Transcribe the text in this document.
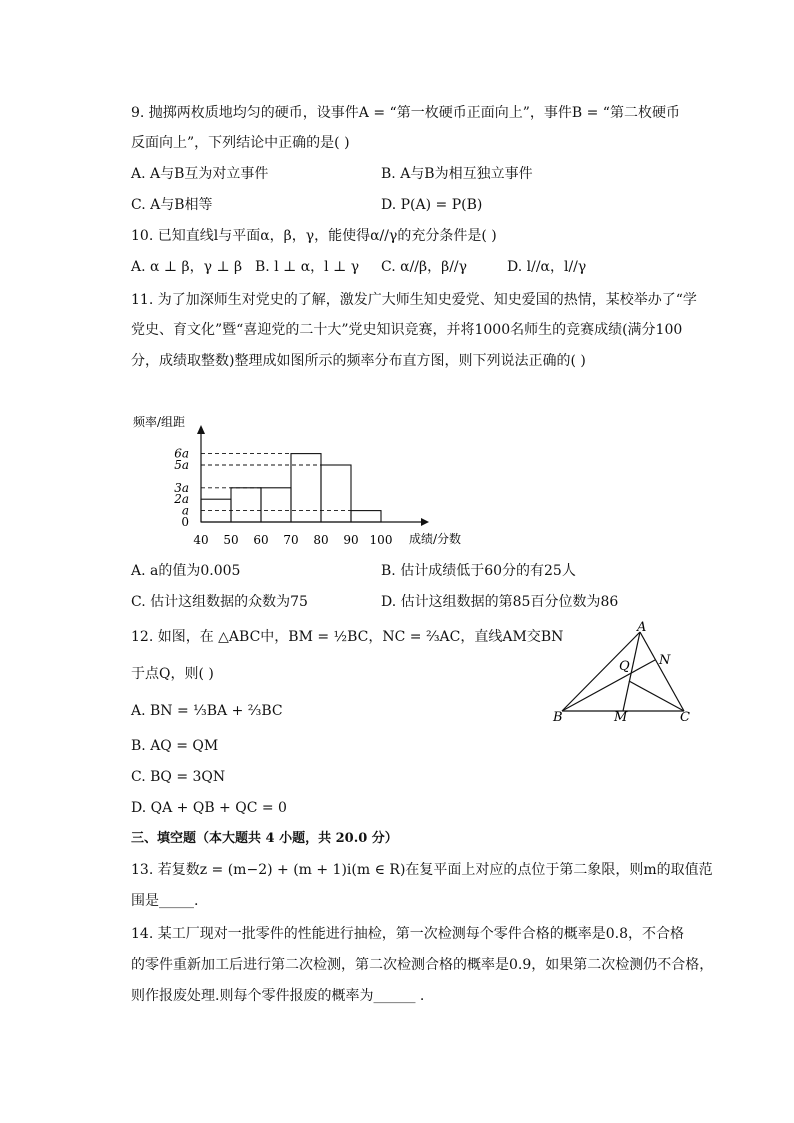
9. 抛掷两枚质地均匀的硬币，设事件A = “第一枚硬币正面向上”，事件B = “第二枚硬币
反面向上”，下列结论中正确的是( )
A. A与B互为对立事件	B. A与B为相互独立事件
C. A与B相等	D. P(A) = P(B)
10. 已知直线l与平面α，β，γ，能使得α//γ的充分条件是( )
A. α ⊥ β，γ ⊥ β B. l ⊥ α，l ⊥ γ C. α//β，β//γ	D. l//α，l//γ
11. 为了加深师生对党史的了解，激发广大师生知史爱党、知史爱国的热情，某校举办了“学
党史、育文化”暨“喜迎党的二十大”党史知识竞赛，并将1000名师生的竞赛成绩(满分100
分，成绩取整数)整理成如图所示的频率分布直方图，则下列说法正确的( )
频率/组距
0
a
2a
3a
5a
6a
40 50 60 70 80 90 100 成绩/分数
A. a的值为0.005	B. 估计成绩低于60分的有25人
C. 估计这组数据的众数为75	D. 估计这组数据的第85百分位数为86
12. 如图，在 △ABC中，BM = ½BC，NC = ⅔AC，直线AM交BN
于点Q，则( )
A. BN = ⅓BA + ⅔BC
B. AQ = QM
C. BQ = 3QN
D. QA + QB + QC = 0
A
B	C
M
N
Q
三、填空题（本大题共 4 小题，共 20.0 分）
13. 若复数z = (m−2) + (m + 1)i(m ∈ R)在复平面上对应的点位于第二象限，则m的取值范
围是_____.
14. 某工厂现对一批零件的性能进行抽检，第一次检测每个零件合格的概率是0.8，不合格
的零件重新加工后进行第二次检测，第二次检测合格的概率是0.9，如果第二次检测仍不合格，
则作报废处理.则每个零件报废的概率为______ .
